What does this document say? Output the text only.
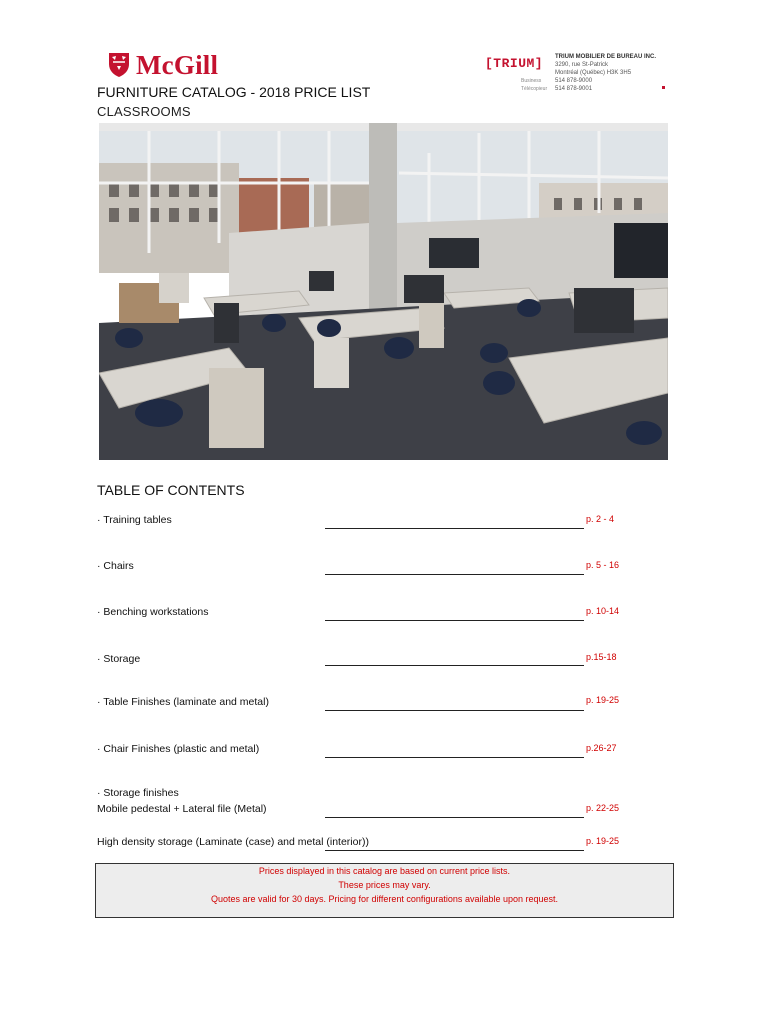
McGill
FURNITURE CATALOG - 2018 PRICE LIST
CLASSROOMS
[TRIUM]	TRIUM MOBILIER DE BUREAU INC.
3290, rue St-Patrick
Montréal (Québec) H3K 3H5
Business	514 878-9000
Télécopieur	514 878-9001
TABLE OF CONTENTS
· Training tables	p. 2 - 4
· Chairs	p. 5 - 16
· Benching workstations	p. 10-14
· Storage	p.15-18
· Table Finishes (laminate and metal)	p. 19-25
· Chair Finishes (plastic and metal)	p.26-27
· Storage finishes
Mobile pedestal + Lateral file (Metal)	p. 22-25
High density storage (Laminate (case) and metal (interior))	p. 19-25
Prices displayed in this catalog are based on current price lists.
These prices may vary.
Quotes are valid for 30 days. Pricing for different configurations available upon request.
